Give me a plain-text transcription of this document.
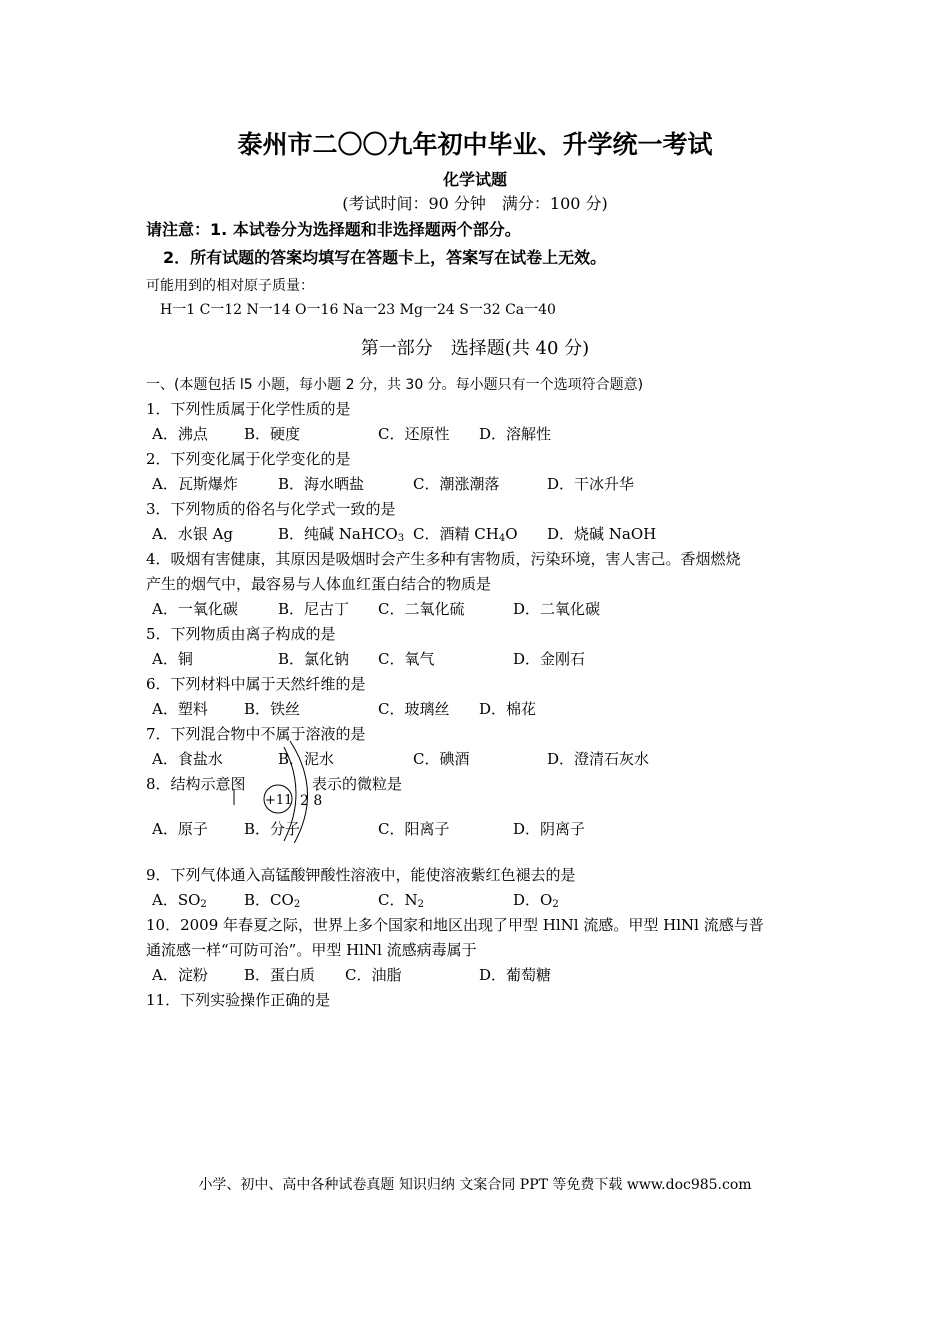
泰州市二〇〇九年初中毕业、升学统一考试
化学试题
(考试时间：90 分钟　满分：100 分)
请注意：1. 本试卷分为选择题和非选择题两个部分。
2．所有试题的答案均填写在答题卡上，答案写在试卷上无效。
可能用到的相对原子质量：
H一1 C一12 N一14 O一16 Na一23 Mg一24 S一32 Ca一40
第一部分　选择题(共 40 分)
一、(本题包括 l5 小题，每小题 2 分，共 30 分。每小题只有一个选项符合题意)
1．下列性质属于化学性质的是
A．沸点 B．硬度	C．还原性 D．溶解性
2．下列变化属于化学变化的是
A．瓦斯爆炸	B．海水晒盐	C．潮涨潮落	D．干冰升华
3．下列物质的俗名与化学式一致的是
A．水银 Ag	B．纯碱 NaHCO$_3$ C．酒精 $CH_4O$ D．烧碱 NaOH
4．吸烟有害健康，其原因是吸烟时会产生多种有害物质，污染环境，害人害己。香烟燃烧
产生的烟气中，最容易与人体血红蛋白结合的物质是
A．一氧化碳	B．尼古丁 C．二氧化硫	D．二氧化碳
5．下列物质由离子构成的是
A．铜	B．氯化钠 C．氧气	D．金刚石
6．下列材料中属于天然纤维的是
A．塑料 B．铁丝	C．玻璃丝 D．棉花
7．下列混合物中不属于溶液的是
A．食盐水	B．泥水	C．碘酒	D．澄清石灰水
8．结构示意图	表示的微粒是
+11 2 8
A．原子 B．分子	C．阳离子	D．阴离子
9．下列气体通入高锰酸钾酸性溶液中，能使溶液紫红色褪去的是
A．$SO_2$ B．$CO_2$	C．$N_2$	D．$O_2$
10．2009 年春夏之际，世界上多个国家和地区出现了甲型 HlNl 流感。甲型 HlNl 流感与普
通流感一样“可防可治”。甲型 HlNl 流感病毒属于
A．淀粉 B．蛋白质 C．油脂	D．葡萄糖
11．下列实验操作正确的是
小学、初中、高中各种试卷真题 知识归纳 文案合同 PPT 等免费下载 www.doc985.com
